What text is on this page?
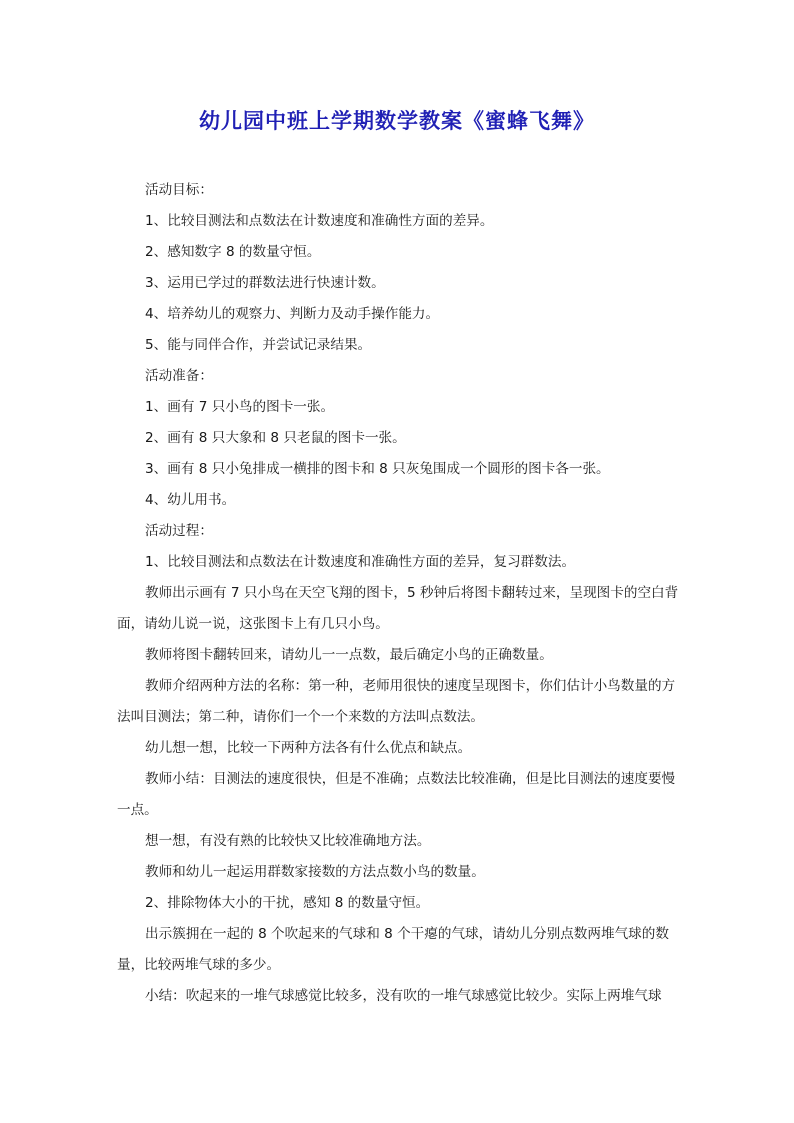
幼儿园中班上学期数学教案《蜜蜂飞舞》

活动目标：

1、比较目测法和点数法在计数速度和准确性方面的差异。

2、感知数字 8 的数量守恒。

3、运用已学过的群数法进行快速计数。

4、培养幼儿的观察力、判断力及动手操作能力。

5、能与同伴合作，并尝试记录结果。

活动准备：

1、画有 7 只小鸟的图卡一张。

2、画有 8 只大象和 8 只老鼠的图卡一张。

3、画有 8 只小兔排成一横排的图卡和 8 只灰兔围成一个圆形的图卡各一张。

4、幼儿用书。

活动过程：

1、比较目测法和点数法在计数速度和准确性方面的差异，复习群数法。

教师出示画有 7 只小鸟在天空飞翔的图卡，5 秒钟后将图卡翻转过来，呈现图卡的空白背面，请幼儿说一说，这张图卡上有几只小鸟。

教师将图卡翻转回来，请幼儿一一点数，最后确定小鸟的正确数量。

教师介绍两种方法的名称：第一种，老师用很快的速度呈现图卡，你们估计小鸟数量的方法叫目测法；第二种，请你们一个一个来数的方法叫点数法。

幼儿想一想，比较一下两种方法各有什么优点和缺点。

教师小结：目测法的速度很快，但是不准确；点数法比较准确，但是比目测法的速度要慢一点。

想一想，有没有熟的比较快又比较准确地方法。

教师和幼儿一起运用群数家接数的方法点数小鸟的数量。

2、排除物体大小的干扰，感知 8 的数量守恒。

出示簇拥在一起的 8 个吹起来的气球和 8 个干瘪的气球，请幼儿分别点数两堆气球的数量，比较两堆气球的多少。

小结：吹起来的一堆气球感觉比较多，没有吹的一堆气球感觉比较少。实际上两堆气球
